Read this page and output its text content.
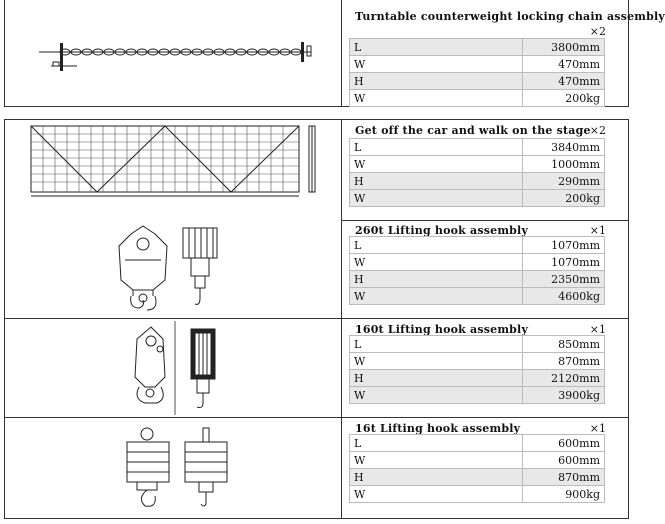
Turntable counterweight locking chain assembly
×2
L	3800mm
W	470mm
H	470mm
W	200kg
Get off the car and walk on the stage ×2
L	3840mm
W	1000mm
H	290mm
W	200kg
260t Lifting hook assembly	×1
L	1070mm
W	1070mm
H	2350mm
W	4600kg
160t Lifting hook assembly	×1
L	850mm
W	870mm
H	2120mm
W	3900kg
16t Lifting hook assembly	×1
L	600mm
W	600mm
H	870mm
W	900kg
